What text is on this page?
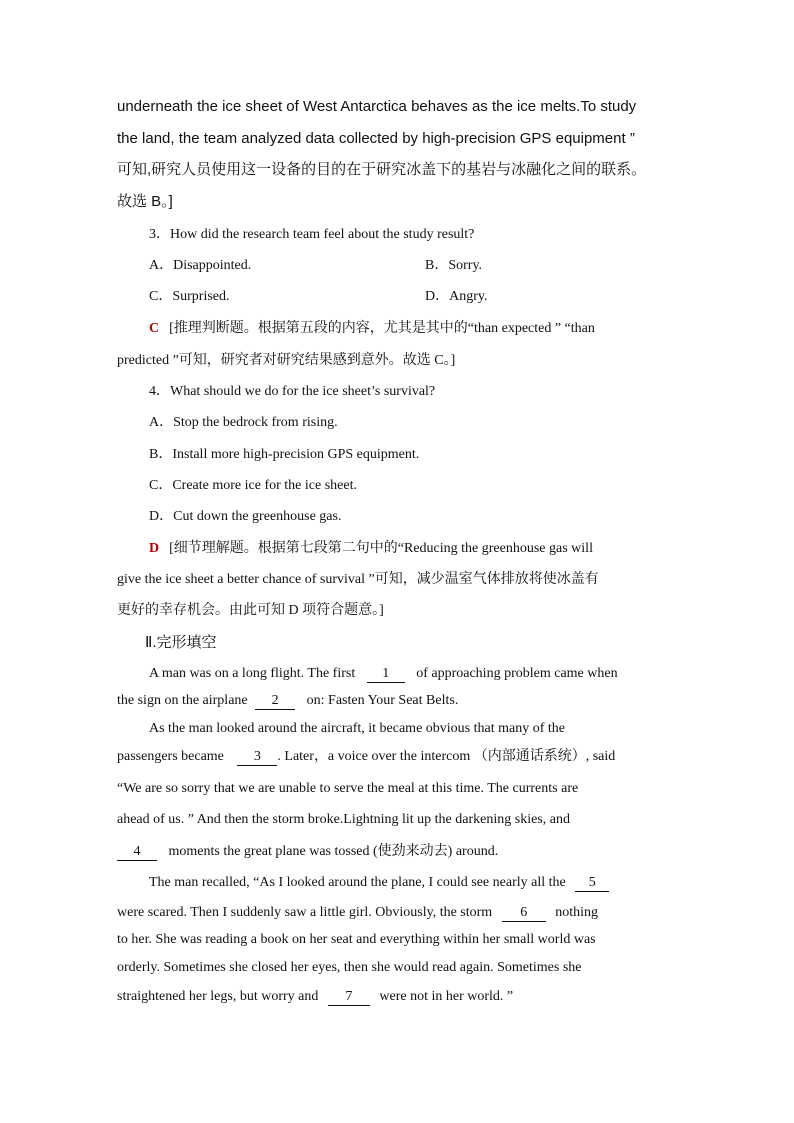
underneath the ice sheet of West Antarctica behaves as the ice melts.To study
the land, the team analyzed data collected by high-precision GPS equipment ”
可知,研究人员使用这一设备的目的在于研究冰盖下的基岩与冰融化之间的联系。
故选 B。]
3．How did the research team feel about the study result?
A．Disappointed.	B．Sorry.
C．Surprised.	D．Angry.
C [推理判断题。根据第五段的内容，尤其是其中的“than expected ” “than
predicted ”可知，研究者对研究结果感到意外。故选 C。]
4．What should we do for the ice sheet’s survival?
A．Stop the bedrock from rising.
B．Install more high-precision GPS equipment.
C．Create more ice for the ice sheet.
D．Cut down the greenhouse gas.
D [细节理解题。根据第七段第二句中的“Reducing the greenhouse gas will
give the ice sheet a better chance of survival ”可知，减少温室气体排放将使冰盖有
更好的幸存机会。由此可知 D 项符合题意。]
Ⅱ.完形填空
A man was on a long flight. The first 1 of approaching problem came when
the sign on the airplane 2 on: Fasten Your Seat Belts.
As the man looked around the aircraft, it became obvious that many of the
passengers became 3 . Later，a voice over the intercom （内部通话系统）, said
“We are so sorry that we are unable to serve the meal at this time. The currents are
ahead of us. ” And then the storm broke.Lightning lit up the darkening skies, and
4 moments the great plane was tossed (使劲来动去) around.
The man recalled, “As I looked around the plane, I could see nearly all the 5
were scared. Then I suddenly saw a little girl. Obviously, the storm 6 nothing
to her. She was reading a book on her seat and everything within her small world was
orderly. Sometimes she closed her eyes, then she would read again. Sometimes she
straightened her legs, but worry and 7 were not in her world. ”
